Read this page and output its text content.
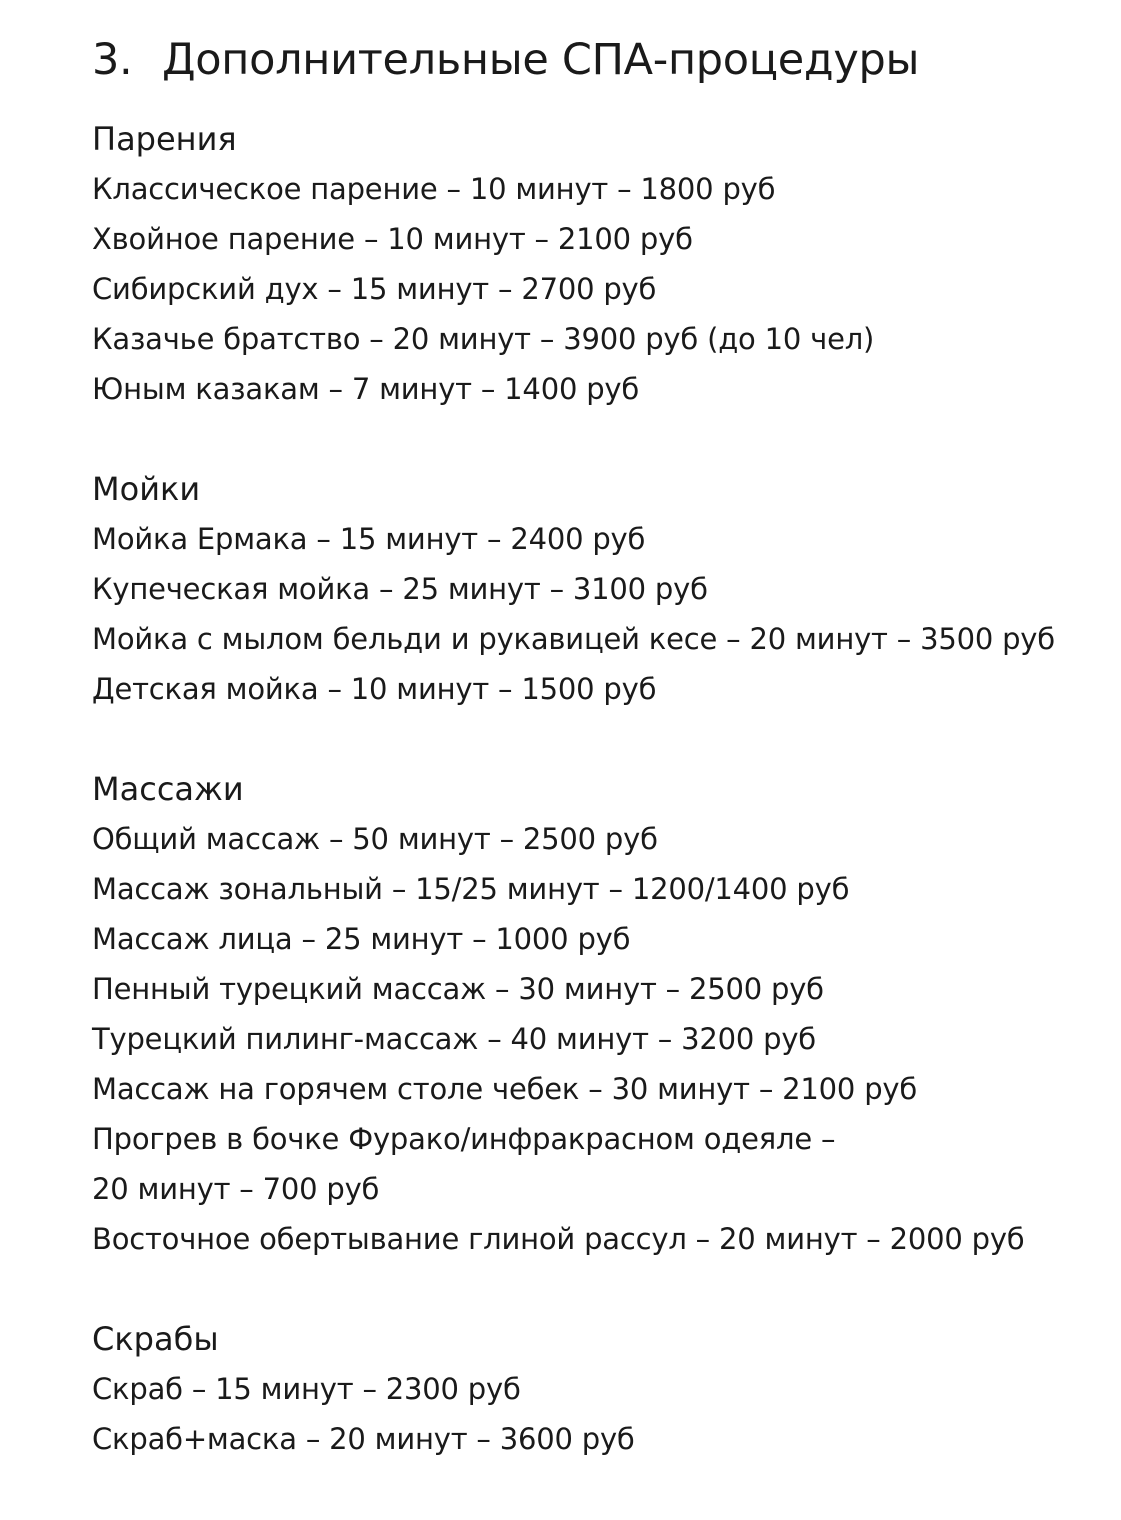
3. Дополнительные СПА-процедуры
Парения
Классическое парение – 10 минут – 1800 руб
Хвойное парение – 10 минут – 2100 руб
Сибирский дух – 15 минут – 2700 руб
Казачье братство – 20 минут – 3900 руб (до 10 чел)
Юным казакам – 7 минут – 1400 руб
Мойки
Мойка Ермака – 15 минут – 2400 руб
Купеческая мойка – 25 минут – 3100 руб
Мойка с мылом бельди и рукавицей кесе – 20 минут – 3500 руб
Детская мойка – 10 минут – 1500 руб
Массажи
Общий массаж – 50 минут – 2500 руб
Массаж зональный – 15/25 минут – 1200/1400 руб
Массаж лица – 25 минут – 1000 руб
Пенный турецкий массаж – 30 минут – 2500 руб
Турецкий пилинг-массаж – 40 минут – 3200 руб
Массаж на горячем столе чебек – 30 минут – 2100 руб
Прогрев в бочке Фурако/инфракрасном одеяле –
20 минут – 700 руб
Восточное обертывание глиной рассул – 20 минут – 2000 руб
Скрабы
Скраб – 15 минут – 2300 руб
Скраб+маска – 20 минут – 3600 руб
